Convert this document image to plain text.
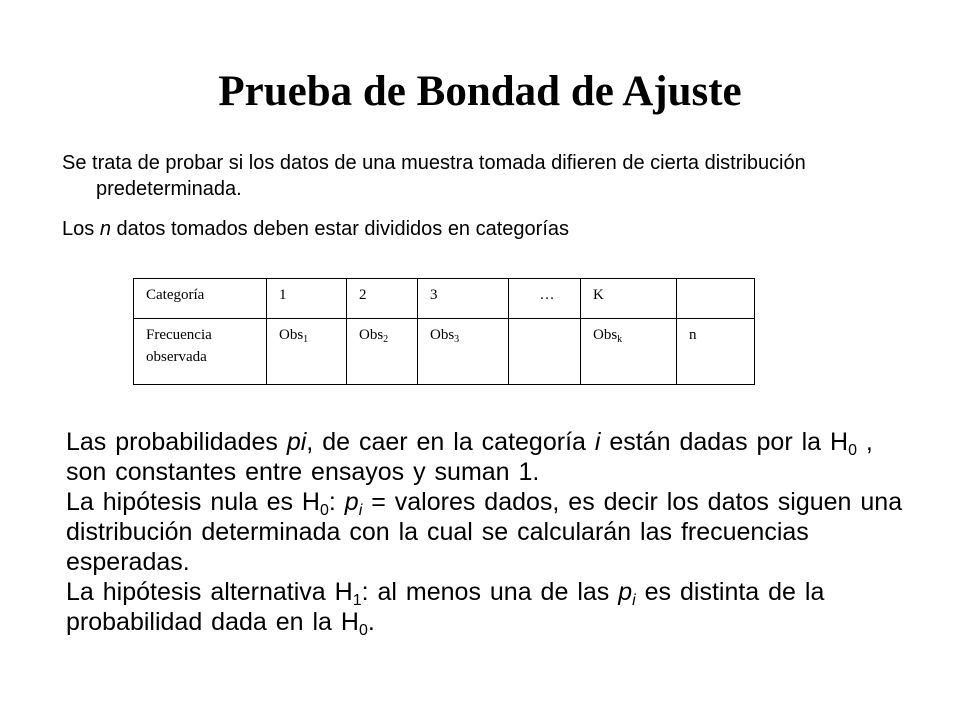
Prueba de Bondad de Ajuste

Se trata de probar si los datos de una muestra tomada difieren de cierta distribución predeterminada.

Los n datos tomados deben estar divididos en categorías

Categoría	1	2	3	…	K	
Frecuencia observada	Obs$_1$	Obs$_2$	Obs$_3$		Obs$_k$	n

Las probabilidades pi, de caer en la categoría i están dadas por la $H_0$ , son constantes entre ensayos y suman 1.

La hipótesis nula es $H_0$: $p_i$ = valores dados, es decir los datos siguen una distribución determinada con la cual se calcularán las frecuencias esperadas.

La hipótesis alternativa $H_1$: al menos una de las $p_i$ es distinta de la probabilidad dada en la $H_0$.
